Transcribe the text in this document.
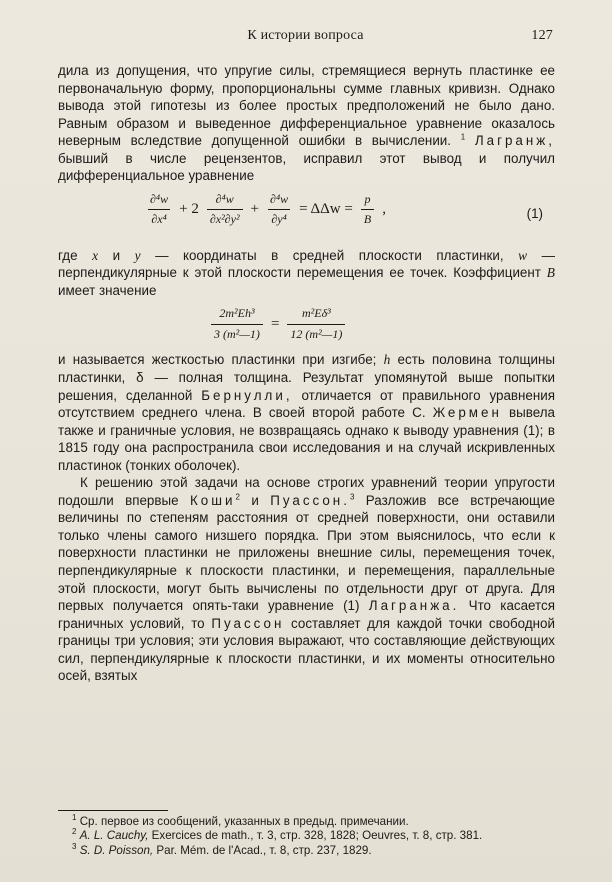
К истории вопроса	127

дила из допущения, что упругие силы, стремящиеся вернуть пластинке ее первоначальную форму, пропорциональны сумме главных кривизн. Однако вывода этой гипотезы из более простых предположений не было дано. Равным образом и выведенное дифференциальное уравнение оказалось неверным вследствие допущенной ошибки в вычислении. $^1$ Лагранж, бывший в числе рецензентов, исправил этот вывод и получил дифференциальное уравнение

$\frac{\text{∂⁴w}}{\text{∂x⁴}} + 2 \frac{\text{∂⁴w}}{\text{∂x²∂y²}} + \frac{\text{∂⁴w}}{\text{∂y⁴}} = \Delta\Delta w = \frac{p}{B}$ ,	(1)

где x и y — координаты в средней плоскости пластинки, w — перпендикулярные к этой плоскости перемещения ее точек. Коэффициент B имеет значение

$\frac{\text{2m²Eh³}}{\text{3 (m²—1)}} = \frac{\text{m²Eδ³}}{\text{12 (m²—1)}}$

и называется жесткостью пластинки при изгибе; h есть половина толщины пластинки, δ — полная толщина. Результат упомянутой выше попытки решения, сделанной Бернулли, отличается от правильного уравнения отсутствием среднего члена. В своей второй работе С. Жермен вывела также и граничные условия, не возвращаясь однако к выводу уравнения (1); в 1815 году она распространила свои исследования и на случай искривленных пластинок (тонких оболочек).

К решению этой задачи на основе строгих уравнений теории упругости подошли впервые Коши$^2$ и Пуассон.$^3$ Разложив все встречающие величины по степеням расстояния от средней поверхности, они оставили только члены самого низшего порядка. При этом выяснилось, что если к поверхности пластинки не приложены внешние силы, перемещения точек, перпендикулярные к плоскости пластинки, и перемещения, параллельные этой плоскости, могут быть вычислены по отдельности друг от друга. Для первых получается опять-таки уравнение (1) Лагранжа. Что касается граничных условий, то Пуассон составляет для каждой точки свободной границы три условия; эти условия выражают, что составляющие действующих сил, перпендикулярные к плоскости пластинки, и их моменты относительно осей, взятых

$^1$ Ср. первое из сообщений, указанных в предыд. примечании.

$^2$ A. L. Cauchy, Exercices de math., т. 3, стр. 328, 1828; Oeuvres, т. 8, стр. 381.

$^3$ S. D. Poisson, Par. Mém. de l'Acad., т. 8, стр. 237, 1829.
